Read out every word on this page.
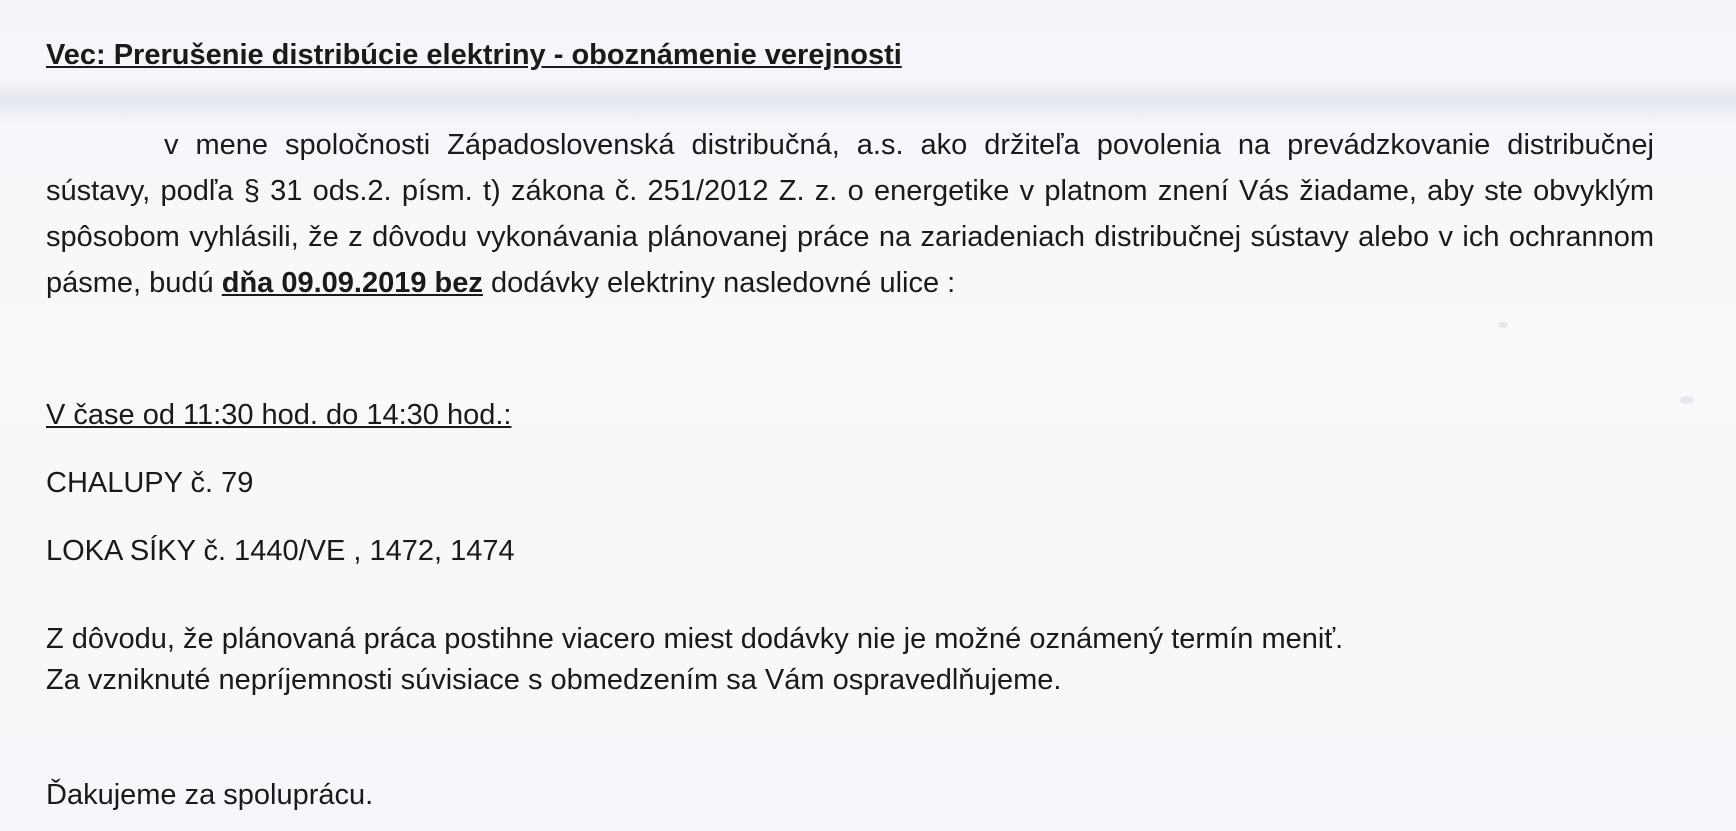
Vec: Prerušenie distribúcie elektriny - oboznámenie verejnosti
v mene spoločnosti Západoslovenská distribučná, a.s. ako držiteľa povolenia na prevádzkovanie distribučnej sústavy, podľa § 31 ods.2. písm. t) zákona č. 251/2012 Z. z. o energetike v platnom znení Vás žiadame, aby ste obvyklým spôsobom vyhlásili, že z dôvodu vykonávania plánovanej práce na zariadeniach distribučnej sústavy alebo v ich ochrannom pásme, budú dňa 09.09.2019 bez dodávky elektriny nasledovné ulice :
V čase od 11:30 hod. do 14:30 hod.:
CHALUPY č. 79
LOKA SÍKY č. 1440/VE , 1472, 1474
Z dôvodu, že plánovaná práca postihne viacero miest dodávky nie je možné oznámený termín meniť.
Za vzniknuté nepríjemnosti súvisiace s obmedzením sa Vám ospravedlňujeme.
Ďakujeme za spoluprácu.
